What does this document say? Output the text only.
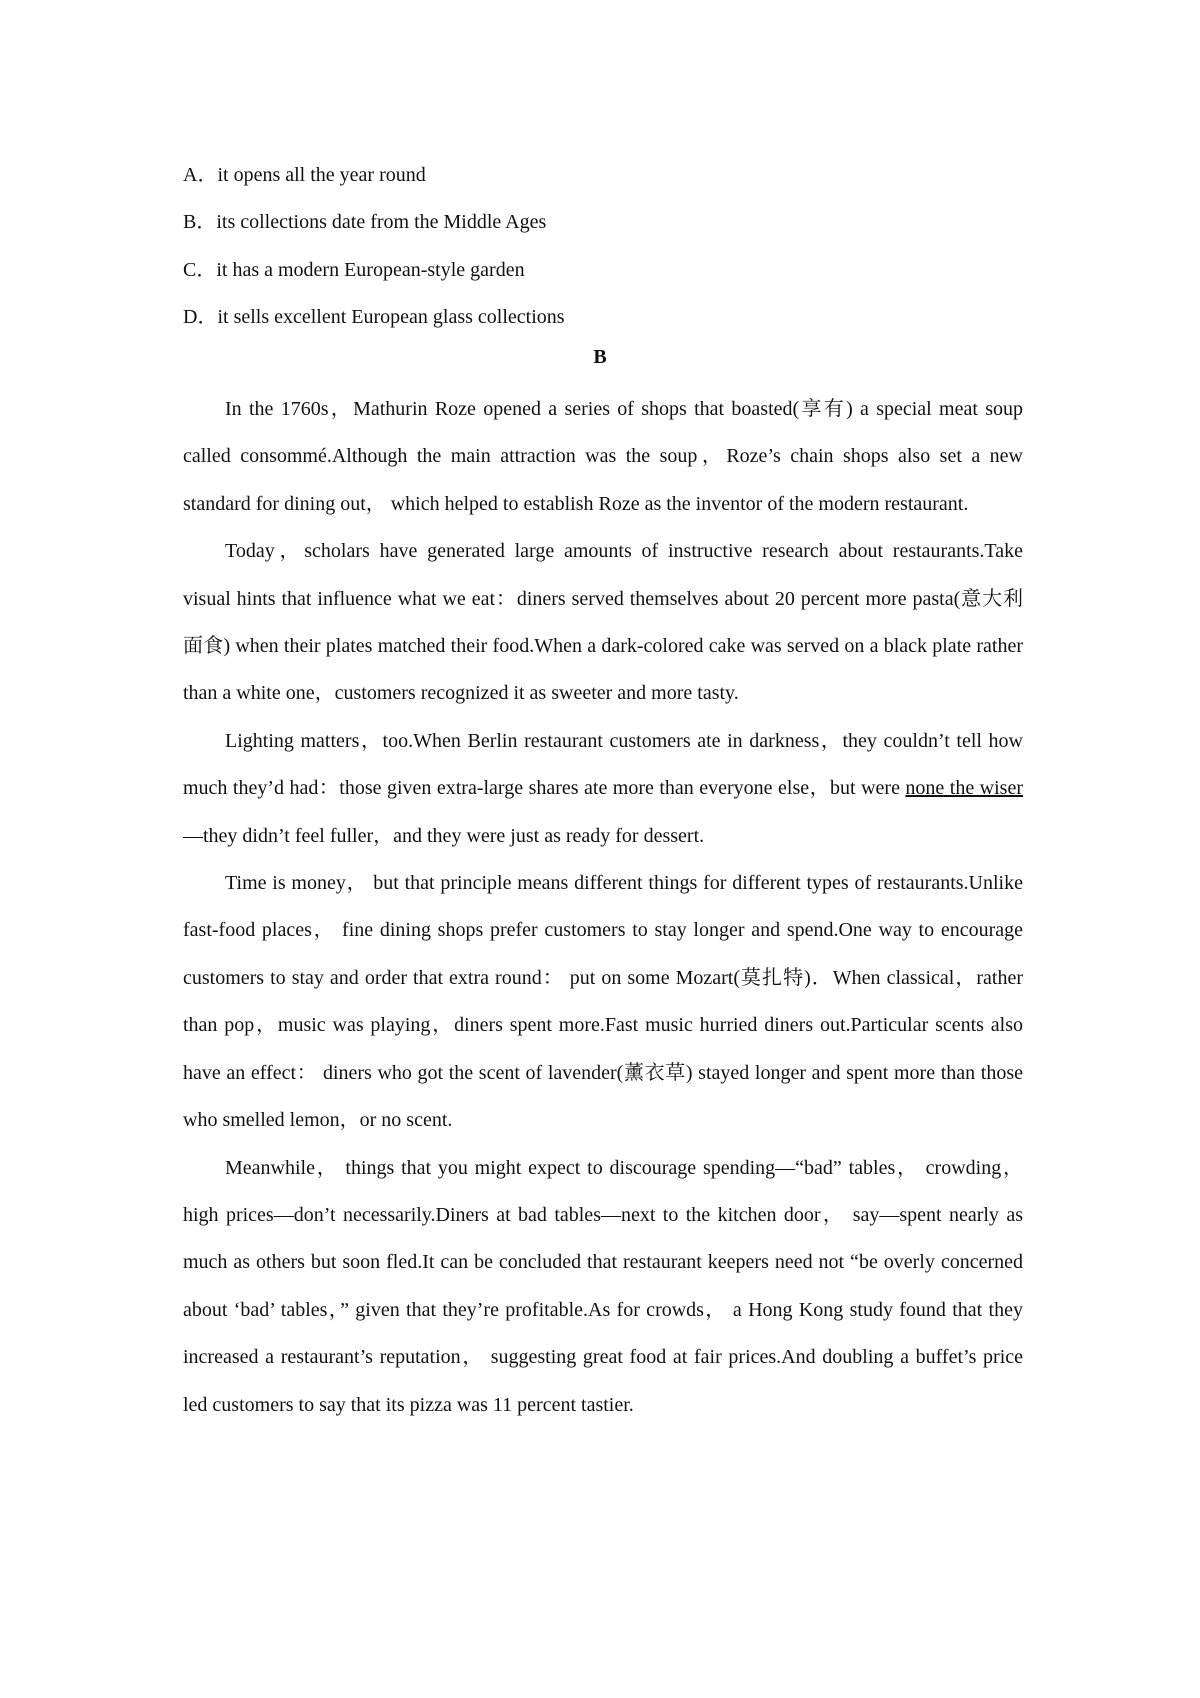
A．it opens all the year round
B．its collections date from the Middle Ages
C．it has a modern European-style garden
D．it sells excellent European glass collections
B

In the 1760s，Mathurin Roze opened a series of shops that boasted(享有) a special meat soup called consommé.Although the main attraction was the soup，Roze’s chain shops also set a new standard for dining out， which helped to establish Roze as the inventor of the modern restaurant.

Today，scholars have generated large amounts of instructive research about restaurants.Take visual hints that influence what we eat：diners served themselves about 20 percent more pasta(意大利面食) when their plates matched their food.When a dark-colored cake was served on a black plate rather than a white one，customers recognized it as sweeter and more tasty.

Lighting matters，too.When Berlin restaurant customers ate in darkness，they couldn’t tell how much they’d had：those given extra-large shares ate more than everyone else，but were none the wiser—they didn’t feel fuller，and they were just as ready for dessert.

Time is money， but that principle means different things for different types of restaurants.Unlike fast-food places， fine dining shops prefer customers to stay longer and spend.One way to encourage customers to stay and order that extra round： put on some Mozart(莫扎特)．When classical，rather than pop，music was playing，diners spent more.Fast music hurried diners out.Particular scents also have an effect： diners who got the scent of lavender(薰衣草) stayed longer and spent more than those who smelled lemon，or no scent.

Meanwhile， things that you might expect to discourage spending—“bad” tables， crowding， high prices—don’t necessarily.Diners at bad tables—next to the kitchen door， say—spent nearly as much as others but soon fled.It can be concluded that restaurant keepers need not “be overly concerned about ‘bad’ tables，” given that they’re profitable.As for crowds， a Hong Kong study found that they increased a restaurant’s reputation， suggesting great food at fair prices.And doubling a buffet’s price led customers to say that its pizza was 11 percent tastier.
